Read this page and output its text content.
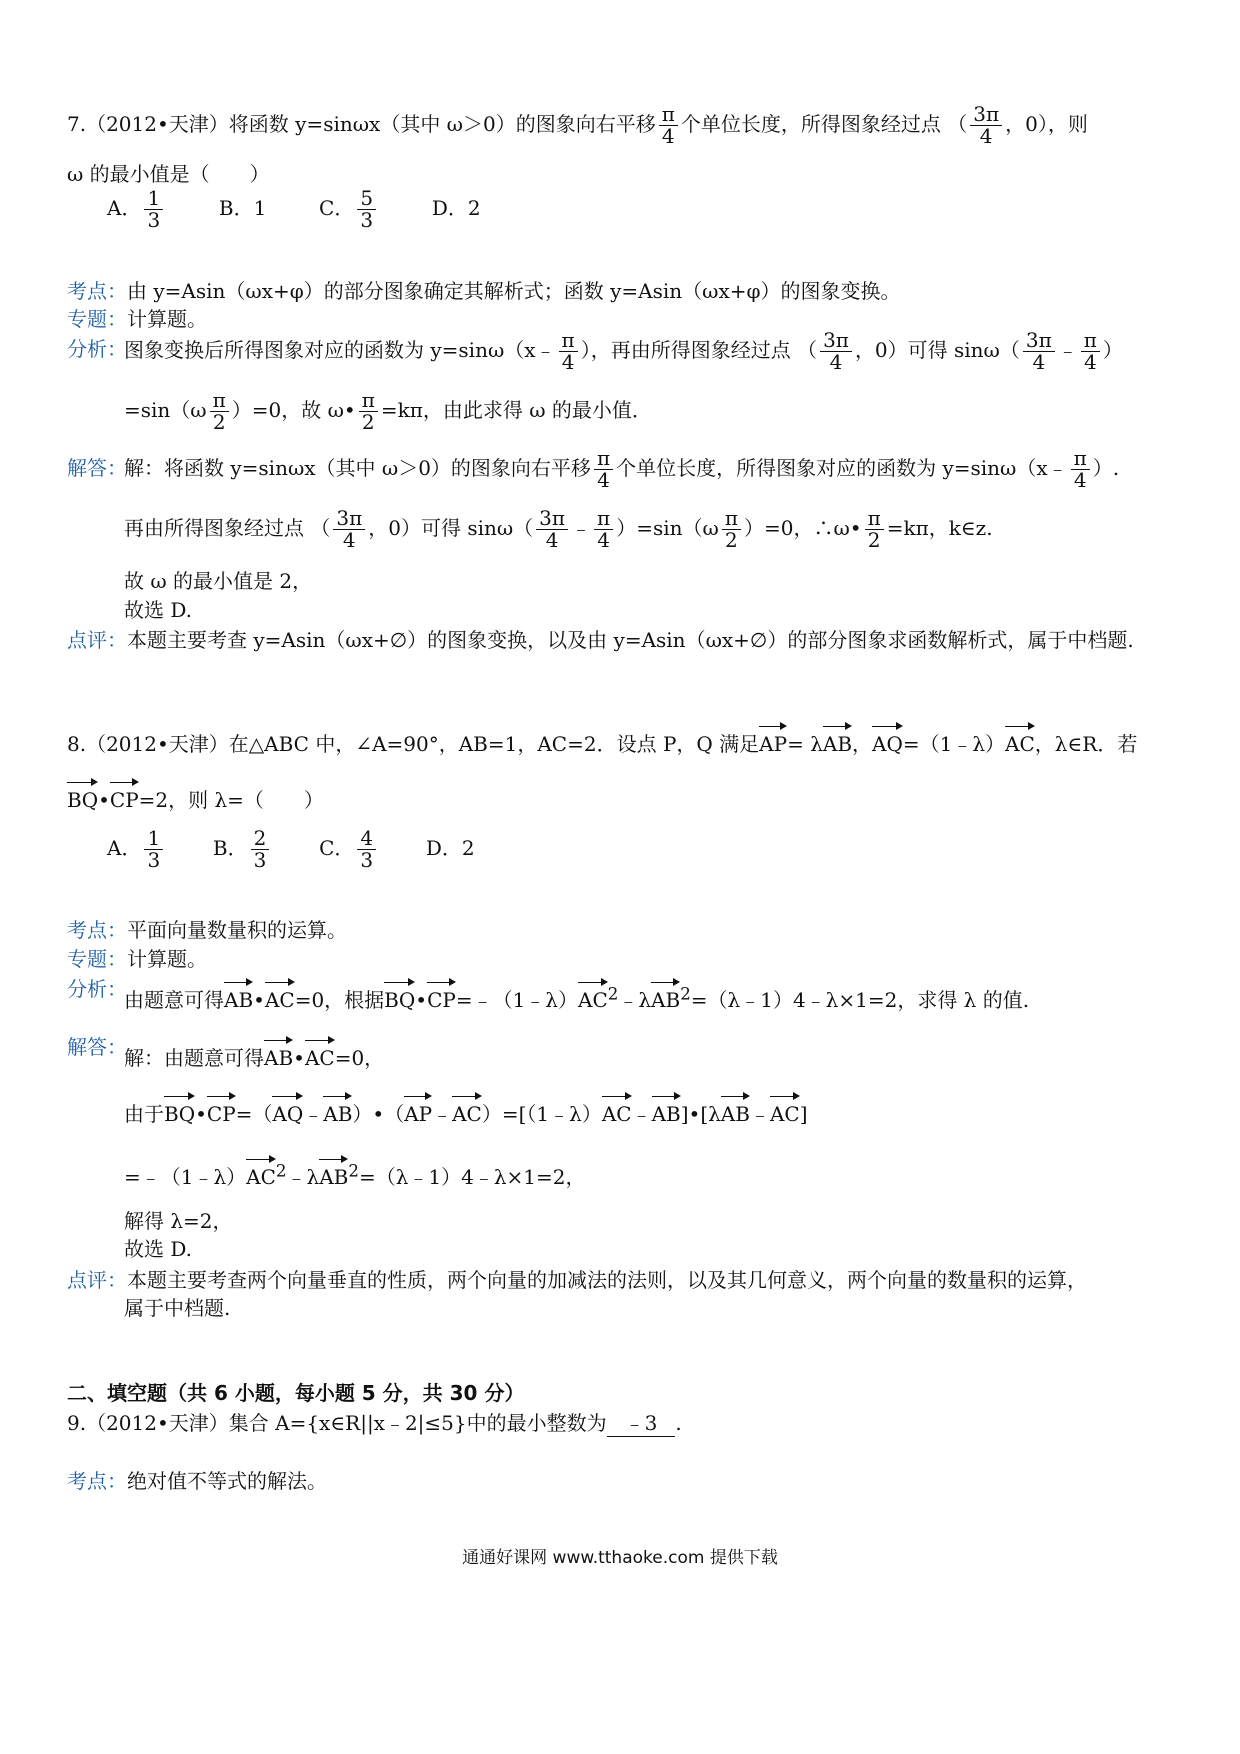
7.（2012•天津）将函数 y=sinωx（其中 ω＞0）的图象向右平移 $\frac{\pi}{4}$ 个单位长度，所得图象经过点 （ $\frac{3\pi}{4}$ ，0），则
ω 的最小值是（　　）
A． $\frac{1}{3}$	B．1	C． $\frac{5}{3}$	D．2
考点：由 y=Asin（ωx+φ）的部分图象确定其解析式；函数 y=Asin（ωx+φ）的图象变换。
专题：计算题。
分析：
图象变换后所得图象对应的函数为 y=sinω（x﹣ $\frac{\pi}{4}$ ），再由所得图象经过点 （ $\frac{3\pi}{4}$ ，0）可得 $\sin\omega( \frac{3\pi}{4}$ ﹣ $\frac{\pi}{4}$ ）
$=\sin(\omega \frac{\pi}{2} )=0$，故 ω• $\frac{\pi}{2} =k\pi$，由此求得 ω 的最小值．
解答：
解：将函数 y=sinωx（其中 ω＞0）的图象向右平移 $\frac{\pi}{4}$ 个单位长度，所得图象对应的函数为 y=sinω（x﹣ $\frac{\pi}{4}$ ）.
再由所得图象经过点 （ $\frac{3\pi}{4}$ ，0）可得 $\sin\omega( \frac{3\pi}{4}$ ﹣ $\frac{\pi}{4} )=\sin(\omega \frac{\pi}{2} )=0$，∴ω• $\frac{\pi}{2} =k\pi$，k∈z.
故 ω 的最小值是 2，
故选 D.
点评：本题主要考查 y=Asin（ωx+∅）的图象变换，以及由 y=Asin（ωx+∅）的部分图象求函数解析式，属于中档题.
8.（2012•天津）在△ABC 中，∠A=90°，AB=1，AC=2．设点 P，Q 满足AP= λAB，AQ=（1﹣λ）AC，λ∈R．若
BQ•CP=2，则 λ=（　　）
A． $\frac{1}{3}$ B． $\frac{2}{3}$ C． $\frac{4}{3}$ D．2
考点：平面向量数量积的运算。
专题：计算题。
分析：
由题意可得AB•AC=0，根据$BQ•CP=﹣(1﹣\lambda)AC^2﹣\lambda AB^2=(\lambda﹣1)4﹣\lambda\times 1=2$，求得 λ 的值.
解答：
解：由题意可得AB•AC=0，
由于BQ•CP=（AQ﹣AB）•（AP﹣AC）=[（1﹣λ）AC﹣AB]•[λAB﹣AC]
$=﹣(1﹣\lambda)AC^2﹣\lambda AB^2=(\lambda﹣1)4﹣\lambda\times 1=2$，
解得 λ=2，
故选 D.
点评：本题主要考查两个向量垂直的性质，两个向量的加减法的法则，以及其几何意义，两个向量的数量积的运算，
属于中档题.
二、填空题（共 6 小题，每小题 5 分，共 30 分）
9.（2012•天津）集合 A={x∈R||x﹣2|≤5}中的最小整数为 ﹣3 .
考点：绝对值不等式的解法。
通通好课网 www.tthaoke.com 提供下载
